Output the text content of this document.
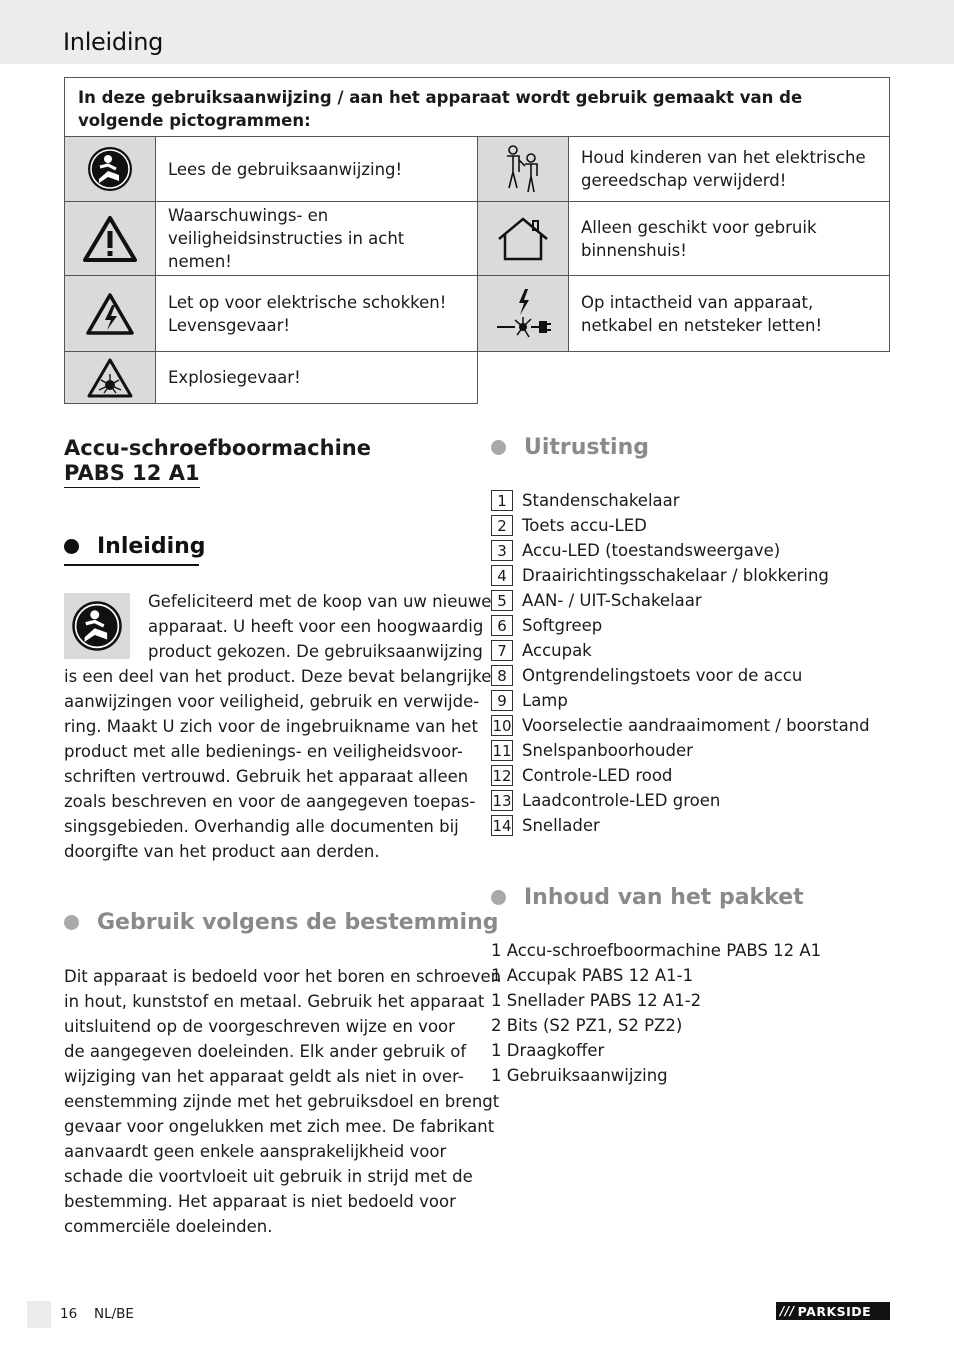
Inleiding
In deze gebruiksaanwijzing / aan het apparaat wordt gebruik gemaakt van de volgende pictogrammen:
Lees de gebruiksaanwijzing!
Houd kinderen van het elektrische gereedschap verwijderd!
Waarschuwings- en veiligheidsinstructies in acht nemen!
Alleen geschikt voor gebruik binnenshuis!
Let op voor elektrische schokken! Levensgevaar!
Op intactheid van apparaat, netkabel en netsteker letten!
Explosiegevaar!
Accu-schroefboormachine
PABS 12 A1
Inleiding
Gefeliciteerd met de koop van uw nieuwe
apparaat. U heeft voor een hoogwaardig
product gekozen. De gebruiksaanwijzing
is een deel van het product. Deze bevat belangrijke
aanwijzingen voor veiligheid, gebruik en verwijde-
ring. Maakt U zich voor de ingebruikname van het
product met alle bedienings- en veiligheidsvoor-
schriften vertrouwd. Gebruik het apparaat alleen
zoals beschreven en voor de aangegeven toepas-
singsgebieden. Overhandig alle documenten bij
doorgifte van het product aan derden.
Gebruik volgens de bestemming
Dit apparaat is bedoeld voor het boren en schroeven
in hout, kunststof en metaal. Gebruik het apparaat
uitsluitend op de voorgeschreven wijze en voor
de aangegeven doeleinden. Elk ander gebruik of
wijziging van het apparaat geldt als niet in over-
eenstemming zijnde met het gebruiksdoel en brengt
gevaar voor ongelukken met zich mee. De fabrikant
aanvaardt geen enkele aansprakelijkheid voor
schade die voortvloeit uit gebruik in strijd met de
bestemming. Het apparaat is niet bedoeld voor
commerciële doeleinden.
Uitrusting
1 Standenschakelaar
2 Toets accu-LED
3 Accu-LED (toestandsweergave)
4 Draairichtingsschakelaar / blokkering
5 AAN- / UIT-Schakelaar
6 Softgreep
7 Accupak
8 Ontgrendelingstoets voor de accu
9 Lamp
10 Voorselectie aandraaimoment / boorstand
11 Snelspanboorhouder
12 Controle-LED rood
13 Laadcontrole-LED groen
14 Snellader
Inhoud van het pakket
1 Accu-schroefboormachine PABS 12 A1
1 Accupak PABS 12 A1-1
1 Snellader PABS 12 A1-2
2 Bits (S2 PZ1, S2 PZ2)
1 Draagkoffer
1 Gebruiksaanwijzing
16 NL/BE	/// PARKSIDE
